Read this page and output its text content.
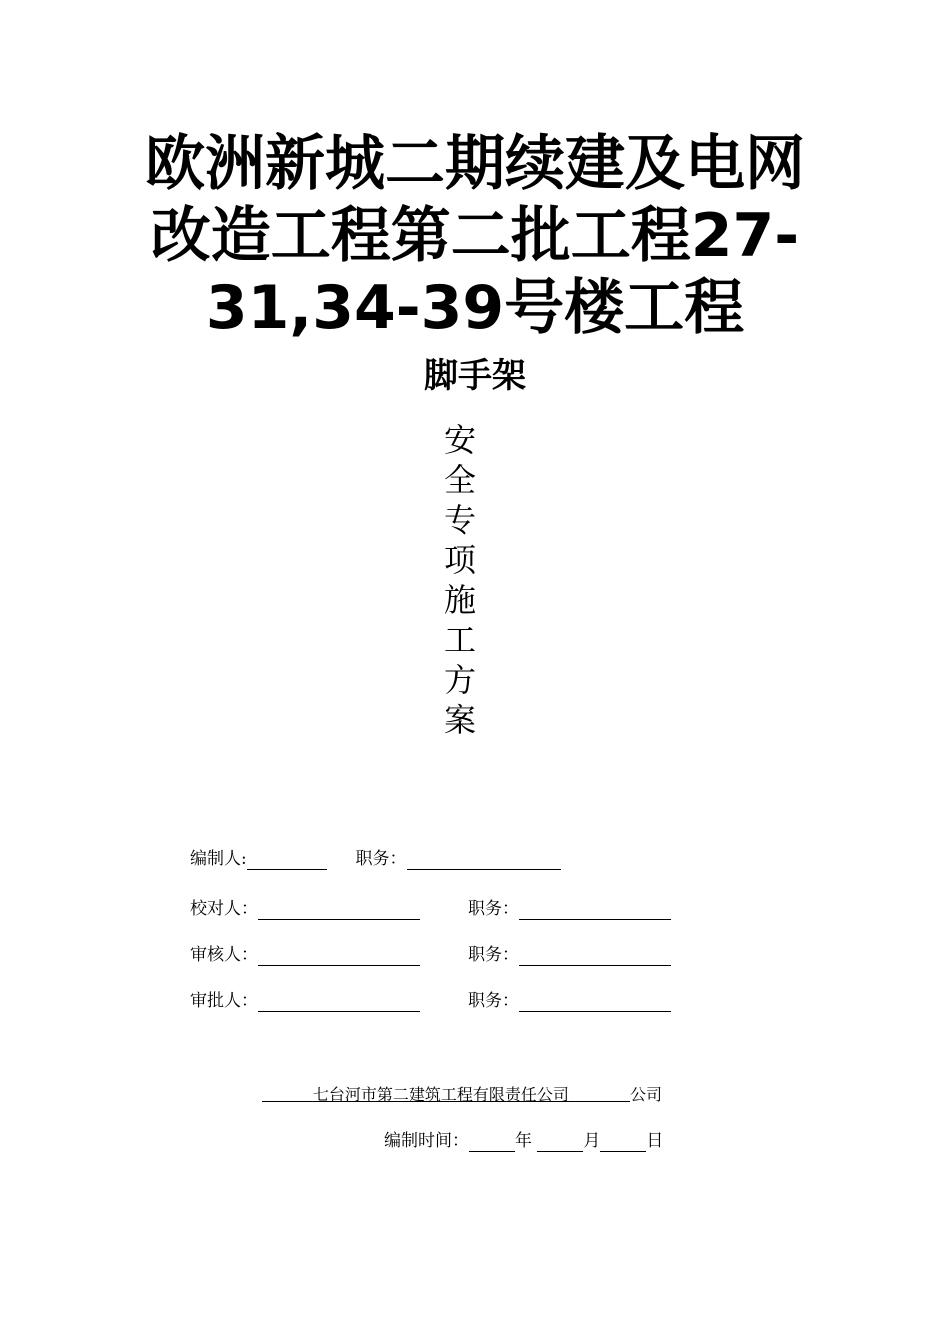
欧洲新城二期续建及电网
改造工程第二批工程27-
31,34-39号楼工程
脚手架
安
全
专
项
施
工
方
案
编制人:	职务：
校对人：	职务：
审核人：	职务：
审批人：	职务：
     七台河市第二建筑工程有限责任公司      	公司
编制时间：	年	月	日
